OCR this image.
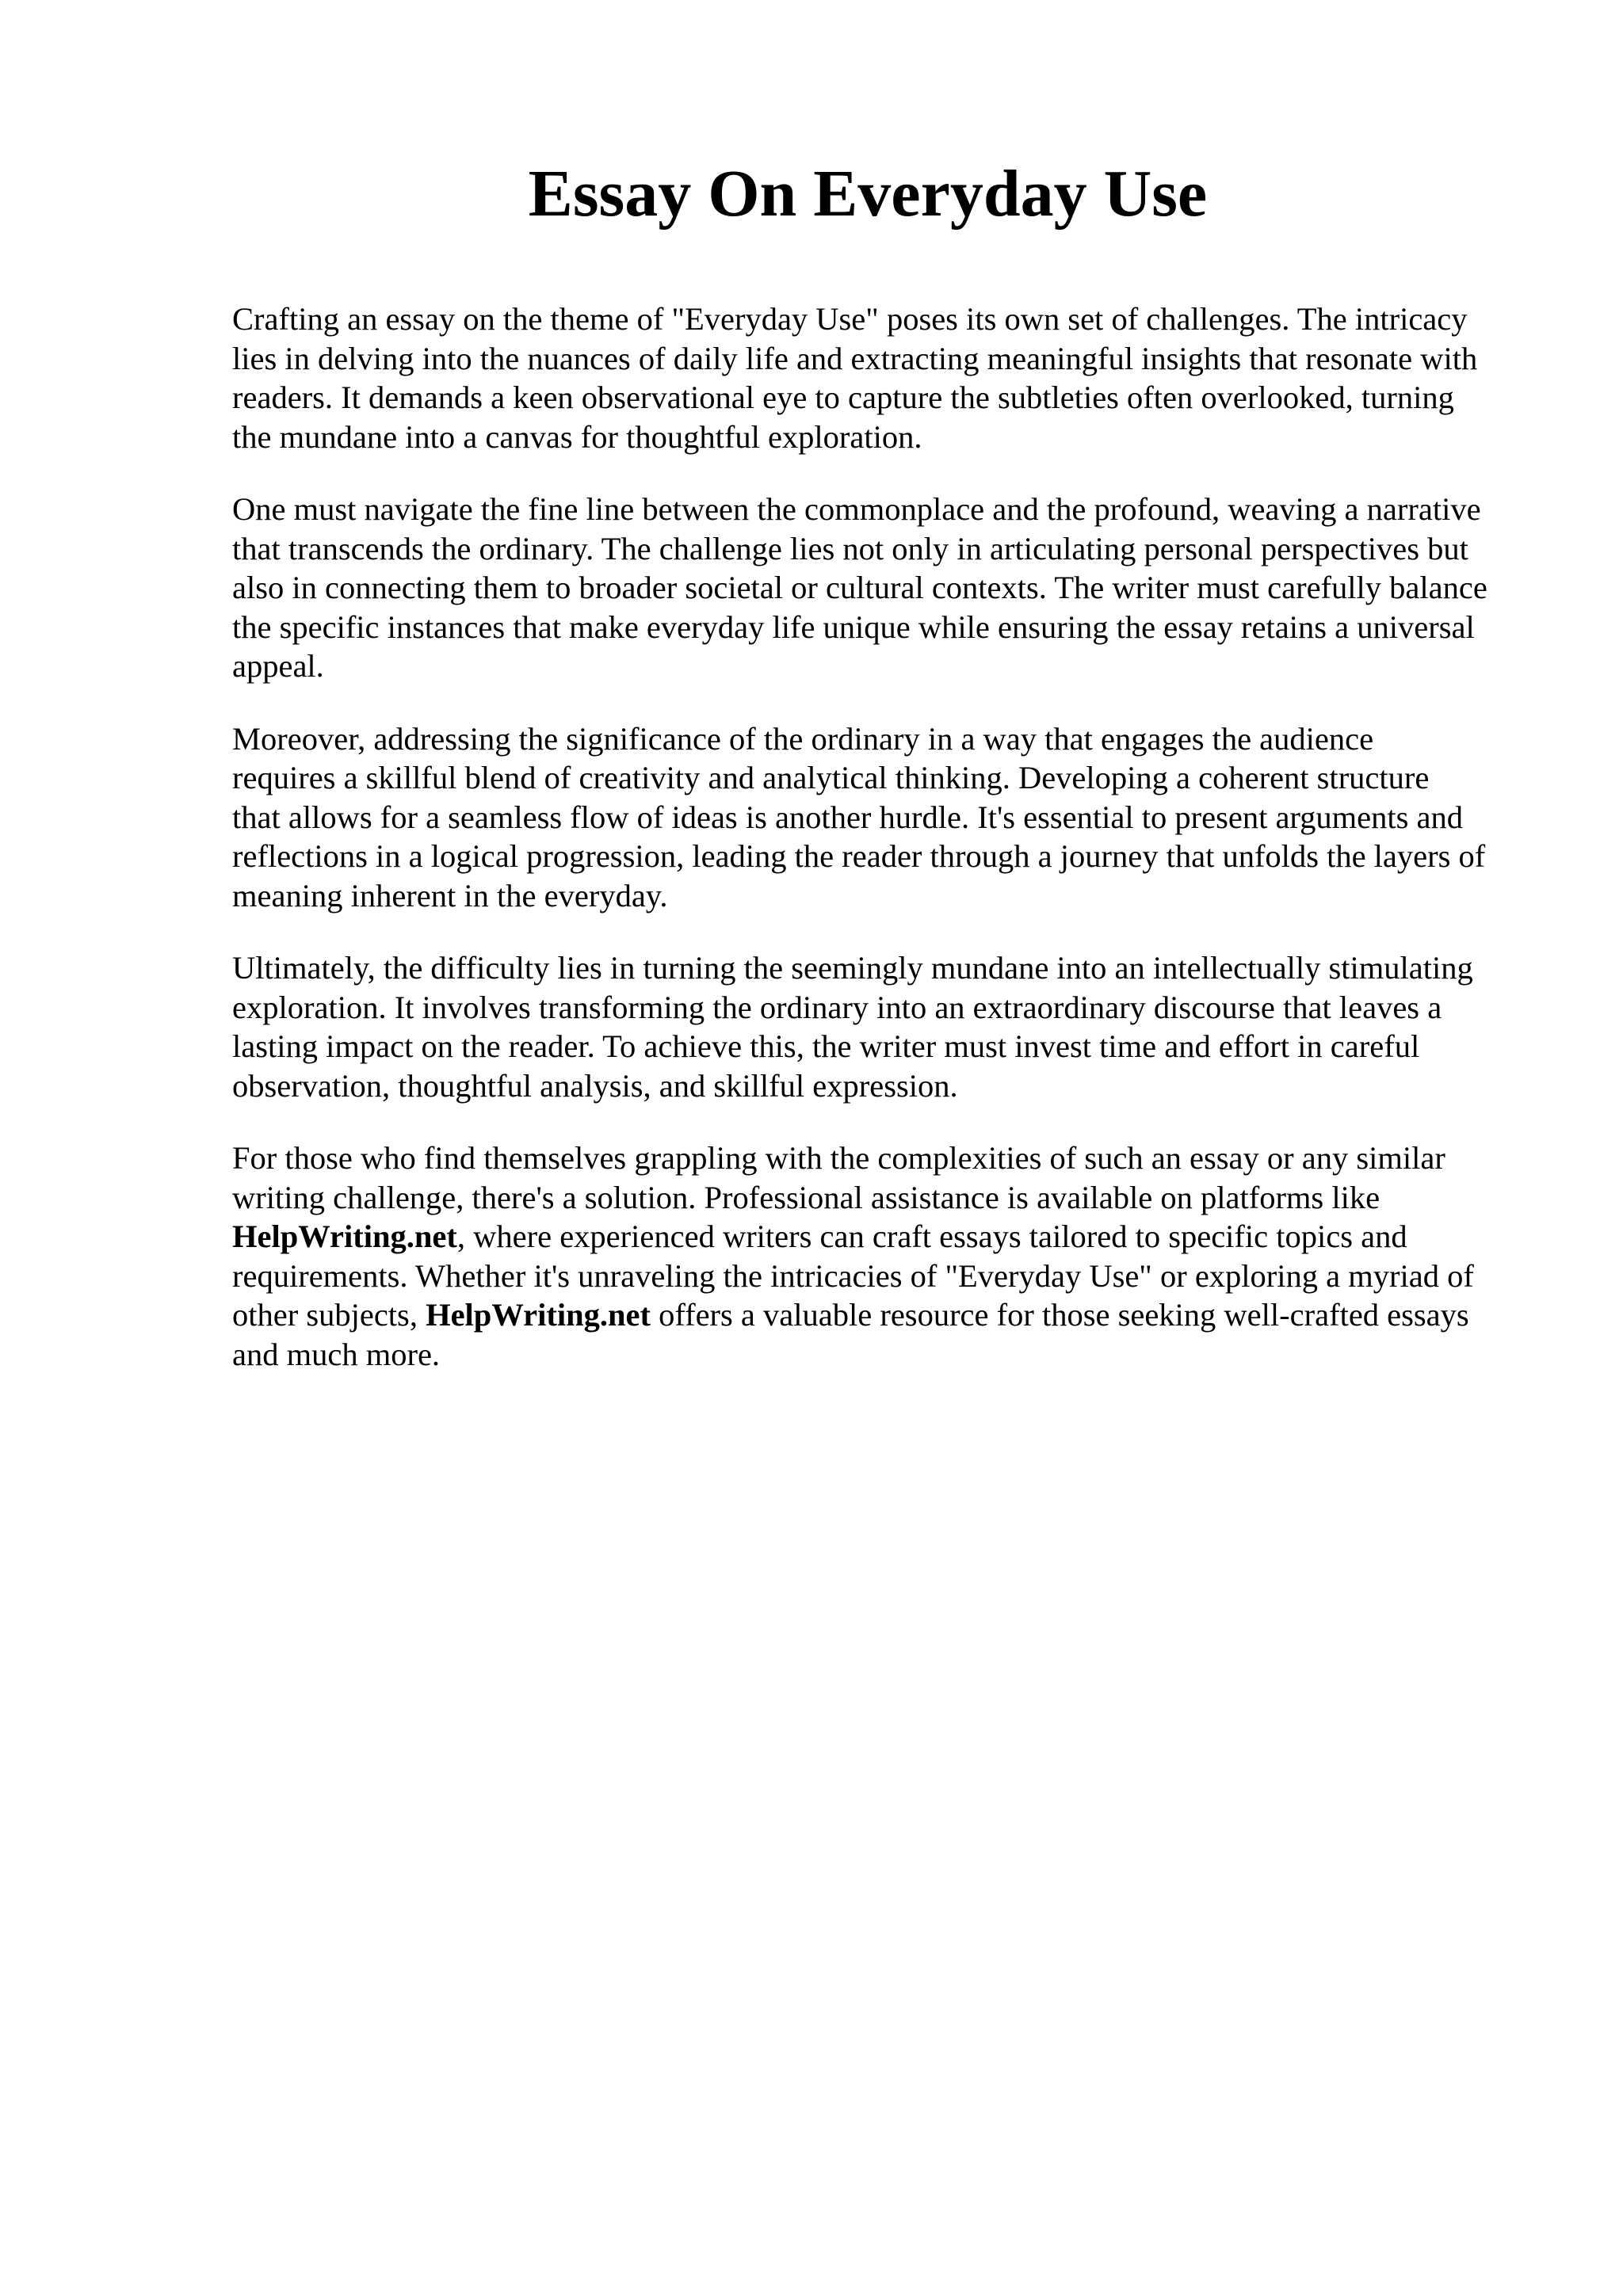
Essay On Everyday Use

Crafting an essay on the theme of "Everyday Use" poses its own set of challenges. The intricacy
lies in delving into the nuances of daily life and extracting meaningful insights that resonate with
readers. It demands a keen observational eye to capture the subtleties often overlooked, turning
the mundane into a canvas for thoughtful exploration.

One must navigate the fine line between the commonplace and the profound, weaving a narrative
that transcends the ordinary. The challenge lies not only in articulating personal perspectives but
also in connecting them to broader societal or cultural contexts. The writer must carefully balance
the specific instances that make everyday life unique while ensuring the essay retains a universal
appeal.

Moreover, addressing the significance of the ordinary in a way that engages the audience
requires a skillful blend of creativity and analytical thinking. Developing a coherent structure
that allows for a seamless flow of ideas is another hurdle. It's essential to present arguments and
reflections in a logical progression, leading the reader through a journey that unfolds the layers of
meaning inherent in the everyday.

Ultimately, the difficulty lies in turning the seemingly mundane into an intellectually stimulating
exploration. It involves transforming the ordinary into an extraordinary discourse that leaves a
lasting impact on the reader. To achieve this, the writer must invest time and effort in careful
observation, thoughtful analysis, and skillful expression.

For those who find themselves grappling with the complexities of such an essay or any similar
writing challenge, there's a solution. Professional assistance is available on platforms like
HelpWriting.net, where experienced writers can craft essays tailored to specific topics and
requirements. Whether it's unraveling the intricacies of "Everyday Use" or exploring a myriad of
other subjects, HelpWriting.net offers a valuable resource for those seeking well-crafted essays
and much more.
